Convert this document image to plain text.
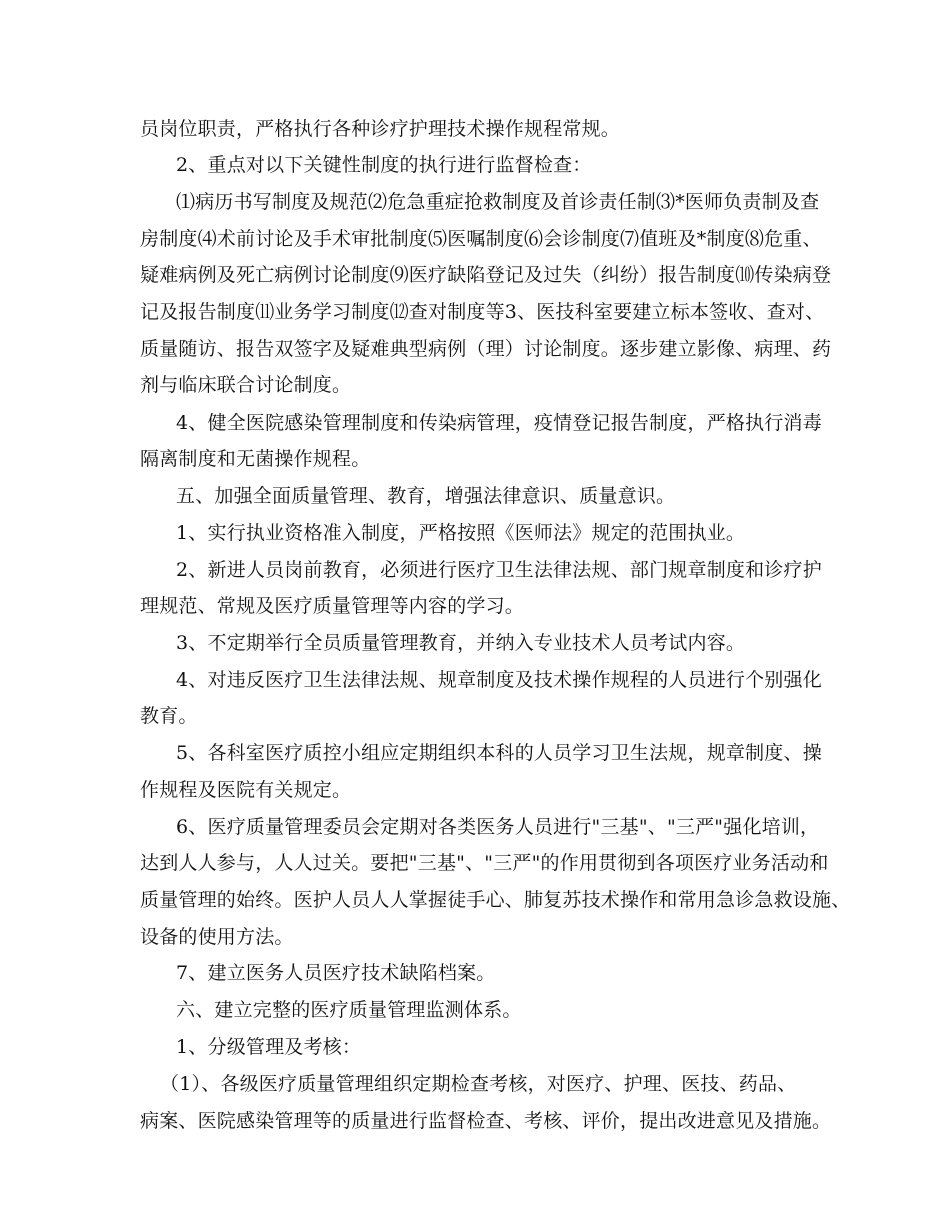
员岗位职责，严格执行各种诊疗护理技术操作规程常规。
2、重点对以下关键性制度的执行进行监督检查：
⑴病历书写制度及规范⑵危急重症抢救制度及首诊责任制⑶*医师负责制及查
房制度⑷术前讨论及手术审批制度⑸医嘱制度⑹会诊制度⑺值班及*制度⑻危重、
疑难病例及死亡病例讨论制度⑼医疗缺陷登记及过失（纠纷）报告制度⑽传染病登
记及报告制度⑾业务学习制度⑿查对制度等3、医技科室要建立标本签收、查对、
质量随访、报告双签字及疑难典型病例（理）讨论制度。逐步建立影像、病理、药
剂与临床联合讨论制度。
4、健全医院感染管理制度和传染病管理，疫情登记报告制度，严格执行消毒
隔离制度和无菌操作规程。
五、加强全面质量管理、教育，增强法律意识、质量意识。
1、实行执业资格准入制度，严格按照《医师法》规定的范围执业。
2、新进人员岗前教育，必须进行医疗卫生法律法规、部门规章制度和诊疗护
理规范、常规及医疗质量管理等内容的学习。
3、不定期举行全员质量管理教育，并纳入专业技术人员考试内容。
4、对违反医疗卫生法律法规、规章制度及技术操作规程的人员进行个别强化
教育。
5、各科室医疗质控小组应定期组织本科的人员学习卫生法规，规章制度、操
作规程及医院有关规定。
6、医疗质量管理委员会定期对各类医务人员进行"三基"、"三严"强化培训，
达到人人参与，人人过关。要把"三基"、"三严"的作用贯彻到各项医疗业务活动和
质量管理的始终。医护人员人人掌握徒手心、肺复苏技术操作和常用急诊急救设施、
设备的使用方法。
7、建立医务人员医疗技术缺陷档案。
六、建立完整的医疗质量管理监测体系。
1、分级管理及考核：
（1）、各级医疗质量管理组织定期检查考核，对医疗、护理、医技、药品、
病案、医院感染管理等的质量进行监督检查、考核、评价，提出改进意见及措施。
